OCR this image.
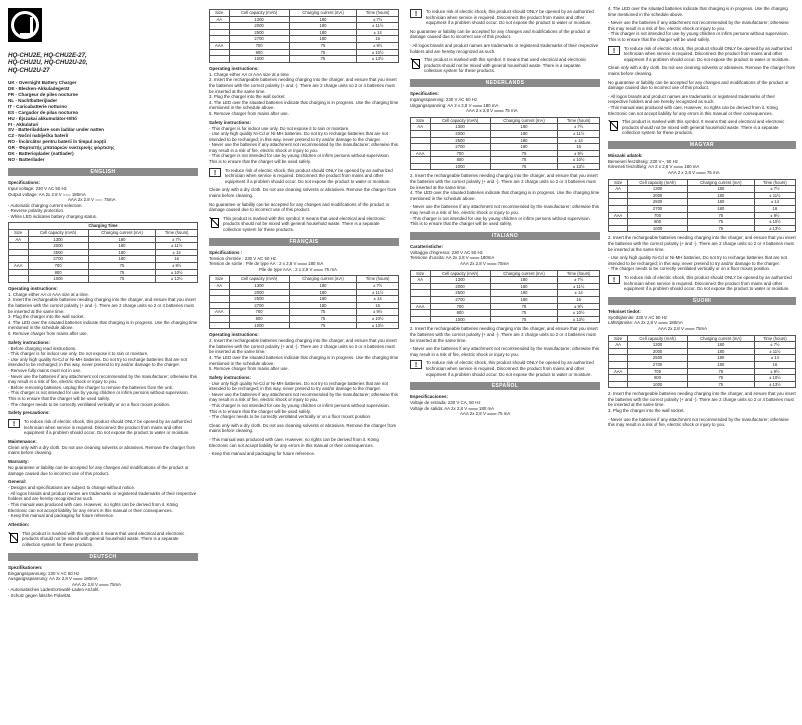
HQ-CHU2E, HQ-CHU2E-27,
HQ-CHU2U, HQ-CHU2U-20,
HQ-CHU2U-27
UK - Overnight Battery Charger
DE - Blecken-Akkuladegerät
FR - Chargeur de piles nocturne
NL - Nachtbatterijlader
IT - Caricabatterie notturno
ES - Cargador de pilas nocturno
HU - Éjszakai akkumulátor-töltő
FI - Akkulaturi
SV - Batteriladdare som laddar under natten
CZ - Noční nabíječka baterií
RO - Încărcător pentru baterii în timpul nopții
GR - Φορτιστής μπαταριών νυκτερινής φόρτισης
DK - Batterioplader (nattlader)
NO - Batterilader
ENGLISH
Specifications:

Input voltage: 230 V AC 50 Hz

Output voltage: AA 2x 2.8 V === 180mA

AAA 2x 2.8 V === 75mA

- Automatic charging current selection.

- Reverse polarity protection.

- White LED indicates battery charging status.

Charging Time			
Size	Cell capacity (mAh)	Charging current (mA)	Time (hours)
AA	1300	180	± 7½
	2000	180	± 11½
	2500	180	± 14
	2700	180	16
AAA	700	75	± 9½
	800	75	± 10½
	1000	75	± 13½
Operating instructions:

1. Charge either AA or AAA size at a time.

2. Insert the rechargeable batteries needing charging into the charger, and ensure that you insert the batteries with the correct polarity (+ and -). There are 2 charge units so 2 or 4 batteries must be inserted at the same time.

3. Plug the charger into the wall socket.

4. The LED over the situated batteries indicate that charging is in progress. Use the charging time mentioned in the schedule above.

5. Remove charger from mains after use.

Safety instructions:

- Before charging read instructions.

- This charger is for indoor use only. Do not expose it to rain or moisture.

- Use only high quality Ni-Cd or Ni-MH batteries. Do not try to recharge batteries that are not intended to be recharged; in this way, never pretend to try and/or damage to the charger.

- Remove fully mains must not in use.

- Never use the batteries if any attachment not recommended by the manufacturer; otherwise this may result in a risk of fire, electric shock or injury to you.

- Before removing batteries, unplug the charger to remove the batteries from the unit.

- This charger is not intended for use by young children or infirm persons without supervision. This is to ensure that the charger will be used safely.

- The charger needs to be correctly ventilated vertically or on a floor mount position.

Safety precautions:
!	To reduce risk of electric shock, this product should ONLY be opened by an authorized technician when service is required. Disconnect the product from mains and other equipment if a problem should occur. Do not expose the product to water or moisture.

Maintenance:

Clean only with a dry cloth. Do not use cleaning solvents or abrasives. Remove the charger from mains before cleaning.

Warranty:

No guarantee or liability can be accepted for any changes and modifications of the product or damage caused due to incorrect use of this product.

General:

- Designs and specifications are subject to change without notice.

- All logos brands and product names are trademarks or registered trademarks of their respective holders and are hereby recognized as such.

- This manual was produced with care. However, no rights can be derived from it. König Electronic can not accept liability for any errors in this manual or their consequences.

- Keep this manual and packaging for future reference.

Attention:

This product is marked with this symbol. It means that used electrical and electronic products should not be mixed with general household waste. There is a separate collection system for these products.

DEUTSCH
Spezifikationen:

Eingangsspannung: 230 V AC 50 Hz

Ausgangsspannung: AA 2x 2,8 V ═══ 180mA

AAA 2x 2,8 V ═══ 75mA

- Automatisches Ladestromwahl-Laden Anzahl.

- Schutz gegen falsche Polarität.

Size	Cell capacity (mAh)	Charging current (mA)	Time (hours)
AA	1300	180	± 7½
	2000	180	± 11½
	2500	180	± 14
	2700	180	16
AAA	700	75	± 9½
	800	75	± 10½
	1000	75	± 13½
Operating instructions:

1. Charge either AA or AAA size at a time.

2. Insert the rechargeable batteries needing charging into the charger, and ensure that you insert the batteries with the correct polarity (+ and -). There are 2 charge units so 2 or 4 batteries must be inserted at the same time.

3. Plug the charger into the wall socket.

4. The LED over the situated batteries indicate that charging is in progress. Use the charging time mentioned in the schedule above.

5. Remove charger from mains after use.

Safety instructions:

- This charger is for indoor use only. Do not expose it to rain or moisture.

- Use only high quality Ni-Cd or Ni-MH batteries. Do not try to recharge batteries that are not intended to be recharged; in this way, never pretend to try and/or damage to the charger.

- Never use the batteries if any attachment not recommended by the manufacturer; otherwise this may result in a risk of fire, electric shock or injury to you.

- This charger is not intended for use by young children or infirm persons without supervision. This is to ensure that the charger will be used safely.

!	To reduce risk of electric shock, this product should ONLY be opened by an authorized technician when service is required. Disconnect the product from mains and other equipment if a problem should occur. Do not expose the product to water or moisture.

Clean only with a dry cloth. Do not use cleaning solvents or abrasives. Remove the charger from mains before cleaning.

No guarantee or liability can be accepted for any changes and modifications of the product or damage caused due to incorrect use of this product.

This product is marked with this symbol. It means that used electrical and electronic products should not be mixed with general household waste. There is a separate collection system for these products.

FRANÇAIS
Spécifications :

Tension d'entrée : 230 V AC 50 Hz

Tension de sortie : Pile de type AA : 2 x 2,8 V ═══ 180 mA

Pile de type AAA : 2 x 2,8 V ═══ 75 mA

Size	Cell capacity (mAh)	Charging current (mA)	Time (hours)
AA	1300	180	± 7½
	2000	180	± 11½
	2500	180	± 14
	2700	180	16
AAA	700	75	± 9½
	800	75	± 10½
	1000	75	± 13½
Operating instructions:

2. Insert the rechargeable batteries needing charging into the charger, and ensure that you insert the batteries with the correct polarity (+ and -). There are 2 charge units so 2 or 4 batteries must be inserted at the same time.

4. The LED over the situated batteries indicate that charging is in progress. Use the charging time mentioned in the schedule above.

5. Remove charger from mains after use.

Safety instructions:

- Use only high quality Ni-Cd or Ni-MH batteries. Do not try to recharge batteries that are not intended to be recharged; in this way, never pretend to try and/or damage to the charger.

- Never use the batteries if any attachment not recommended by the manufacturer; otherwise this may result in a risk of fire, electric shock or injury to you.

- This charger is not intended for use by young children or infirm persons without supervision. This is to ensure that the charger will be used safely.

- The charger needs to be correctly ventilated vertically or on a floor mount position.

Clean only with a dry cloth. Do not use cleaning solvents or abrasives. Remove the charger from mains before cleaning.

- This manual was produced with care. However, no rights can be derived from it. König Electronic can not accept liability for any errors in this manual or their consequences.

- Keep this manual and packaging for future reference.

!	To reduce risk of electric shock, this product should ONLY be opened by an authorized technician when service is required. Disconnect the product from mains and other equipment if a problem should occur. Do not expose the product to water or moisture.

No guarantee or liability can be accepted for any changes and modifications of the product or damage caused due to incorrect use of this product.

- All logos brands and product names are trademarks or registered trademarks of their respective holders and are hereby recognized as such.

This product is marked with this symbol. It means that used electrical and electronic products should not be mixed with general household waste. There is a separate collection system for these products.

NEDERLANDS
Specificaties:

Ingangsspanning: 230 V AC 50 Hz

Uitgangsspanning: AA 2 x 2,8 V ═══ 180 mA

AAA 2 x 2,8 V ═══ 75 mA

Size	Cell capacity (mAh)	Charging current (mA)	Time (hours)
AA	1300	180	± 7½
	2000	180	± 11½
	2500	180	± 14
	2700	180	16
AAA	700	75	± 9½
	800	75	± 10½
	1000	75	± 13½

2. Insert the rechargeable batteries needing charging into the charger, and ensure that you insert the batteries with the correct polarity (+ and -). There are 2 charge units so 2 or 4 batteries must be inserted at the same time.

4. The LED over the situated batteries indicate that charging is in progress. Use the charging time mentioned in the schedule above.

- Never use the batteries if any attachment not recommended by the manufacturer; otherwise this may result in a risk of fire, electric shock or injury to you.

- This charger is not intended for use by young children or infirm persons without supervision. This is to ensure that the charger will be used safely.

ITALIANO
Caratteristiche:

Voltaggio d'ingresso: 230 V AC 50 Hz

Tensione d'uscita: AA 2x 2,8 V ═══ 180mA

AAA 2x 2,8 V ═══ 75mA

Size	Cell capacity (mAh)	Charging current (mA)	Time (hours)
AA	1300	180	± 7½
	2000	180	± 11½
	2500	180	± 14
	2700	180	16
AAA	700	75	± 9½
	800	75	± 10½
	1000	75	± 13½

2. Insert the rechargeable batteries needing charging into the charger, and ensure that you insert the batteries with the correct polarity (+ and -). There are 2 charge units so 2 or 4 batteries must be inserted at the same time.

- Never use the batteries if any attachment not recommended by the manufacturer; otherwise this may result in a risk of fire, electric shock or injury to you.

!	To reduce risk of electric shock, this product should ONLY be opened by an authorized technician when service is required. Disconnect the product from mains and other equipment if a problem should occur. Do not expose the product to water or moisture.

ESPAÑOL
Especificaciones:

Voltaje de entrada: 230 V CA, 50 Hz

Voltaje de salida: AA 2x 2,8 V ═══ 180 mA

AAA 2x 2,8 V ═══ 75 mA

4. The LED over the situated batteries indicate that charging is in progress. Use the charging time mentioned in the schedule above.

- Never use the batteries if any attachment not recommended by the manufacturer; otherwise this may result in a risk of fire, electric shock or injury to you.

- This charger is not intended for use by young children or infirm persons without supervision. This is to ensure that the charger will be used safely.

!	To reduce risk of electric shock, this product should ONLY be opened by an authorized technician when service is required. Disconnect the product from mains and other equipment if a problem should occur. Do not expose the product to water or moisture.

Clean only with a dry cloth. Do not use cleaning solvents or abrasives. Remove the charger from mains before cleaning.

No guarantee or liability can be accepted for any changes and modifications of the product or damage caused due to incorrect use of this product.

- All logos brands and product names are trademarks or registered trademarks of their respective holders and are hereby recognized as such.

- This manual was produced with care. However, no rights can be derived from it. König Electronic can not accept liability for any errors in this manual or their consequences.

This product is marked with this symbol. It means that used electrical and electronic products should not be mixed with general household waste. There is a separate collection system for these products.

MAGYAR
Műszaki adatok:

Bemeneti feszültség: 230 V~, 50 Hz

Kimeneti feszültség: AA 2 x 2,8 V ═══ 180 mA

AAA 2 x 2,8 V ═══ 75 mA

Size	Cell capacity (mAh)	Charging current (mA)	Time (hours)
AA	1300	180	± 7½
	2000	180	± 11½
	2500	180	± 14
	2700	180	16
AAA	700	75	± 9½
	800	75	± 10½
	1000	75	± 13½

2. Insert the rechargeable batteries needing charging into the charger, and ensure that you insert the batteries with the correct polarity (+ and -). There are 2 charge units so 2 or 4 batteries must be inserted at the same time.

- Use only high quality Ni-Cd or Ni-MH batteries. Do not try to recharge batteries that are not intended to be recharged; in this way, never pretend to try and/or damage to the charger.

- The charger needs to be correctly ventilated vertically or on a floor mount position.

!	To reduce risk of electric shock, this product should ONLY be opened by an authorized technician when service is required. Disconnect the product from mains and other equipment if a problem should occur. Do not expose the product to water or moisture.

SUOMI
Tekniset tiedot:

Syöttöjännite: 230 V AC 50 Hz

Lähtöjännite: AA 2x 2,8 V ═══ 180mA

AAA 2x 2,8 V ═══ 75mA

Size	Cell capacity (mAh)	Charging current (mA)	Time (hours)
AA	1300	180	± 7½
	2000	180	± 11½
	2500	180	± 14
	2700	180	16
AAA	700	75	± 9½
	800	75	± 10½
	1000	75	± 13½

2. Insert the rechargeable batteries needing charging into the charger, and ensure that you insert the batteries with the correct polarity (+ and -). There are 2 charge units so 2 or 4 batteries must be inserted at the same time.

3. Plug the charger into the wall socket.

- Never use the batteries if any attachment not recommended by the manufacturer; otherwise this may result in a risk of fire, electric shock or injury to you.
